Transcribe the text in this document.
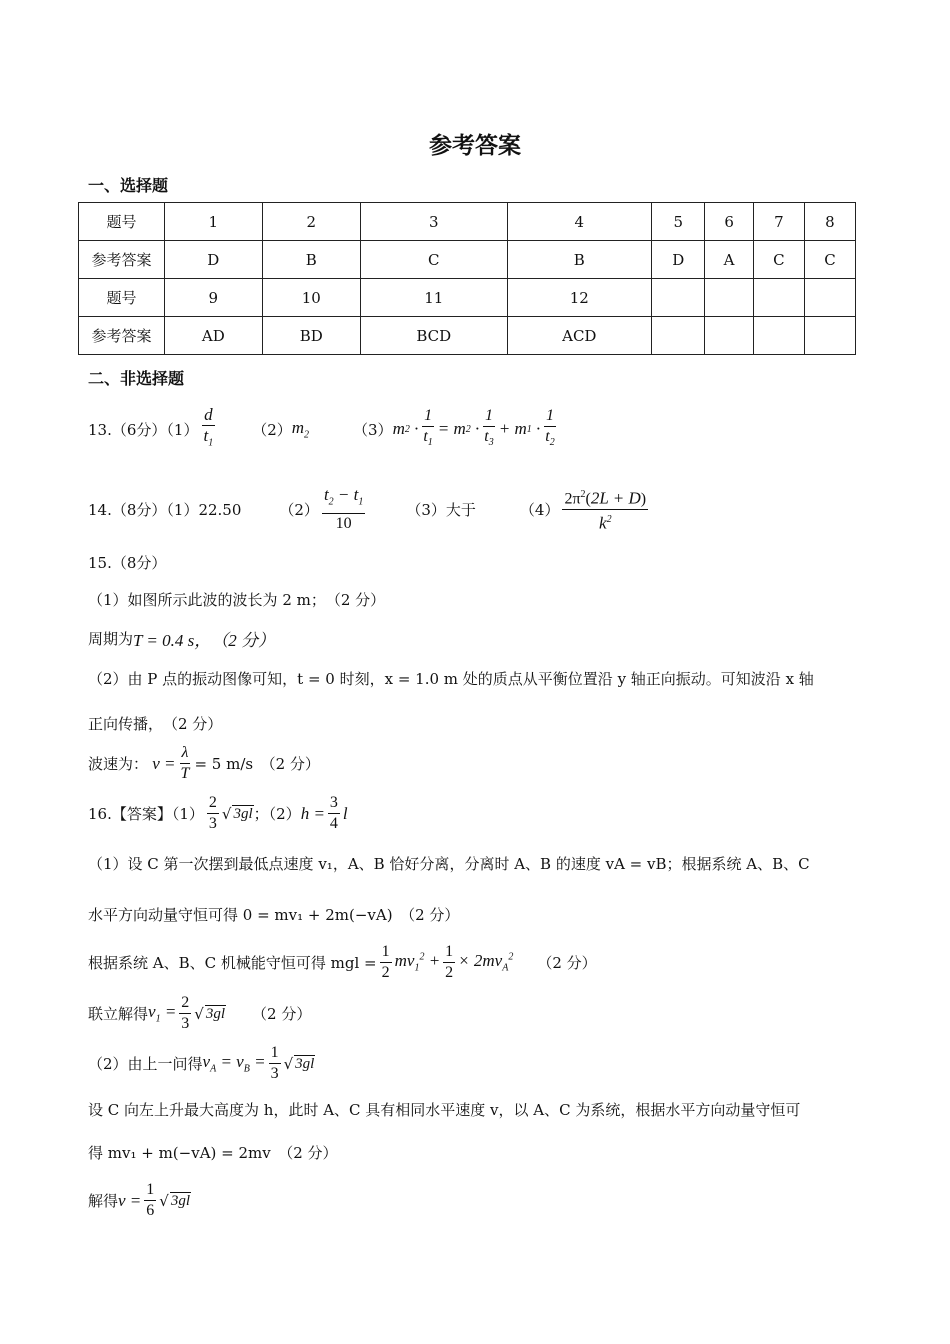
参考答案
一、选择题
题号	1	2	3	4	5	6	7	8
参考答案	D	B	C	B	D	A	C	C
题号	9	10	11	12				
参考答案	AD	BD	BCD	ACD				
二、非选择题
13.（6分）$(1) \frac{d}{t_1} (2)$ $m_2$	（3） m $2 \cdot \frac{1}{t_1} = m$ $2 \cdot \frac{1}{t_3} + m$ $1 \cdot \frac{1}{t_2}$
14.（8分）（1）22.50	$(2) \frac{t_2 - t_1}{10}$	（3）大于	$(4) \frac{2\pi^2(2L + D)}{k^2}$
15.（8分）
（1）如图所示此波的波长为 2 m；　（2 分）
周期为 T = 0.4 s，　（2 分）
（2）由 P 点的振动图像可知，t = 0 时刻，x = 1.0 m 处的质点从平衡位置沿 y 轴正向振动。可知波沿 x 轴
正向传播，　（2 分）
波速为： $v = \frac{\lambda}{T} = 5$ m/s　（2 分）
16.【答案】$(1) \frac{2}{3}$ √ 3gl ；（2） $h = \frac{3}{4}$ l
（1）设 C 第一次摆到最低点速度 v₁，A、B 恰好分离，分离时 A、B 的速度 vA = vB；根据系统 A、B、C
水平方向动量守恒可得 0 = mv₁ + 2m(−vA)　（2 分）
根据系统 A、B、C 机械能守恒可得 mgl = $\frac{1}{2} mv_1^2 + \frac{1}{2} \times 2mv_A^2$ （2 分）
联立解得 $v_1 = \frac{2}{3}$ √ 3gl （2 分）
（2）由上一问得 $v_A = v_B = \frac{1}{3}$ √ 3gl
设 C 向左上升最大高度为 h，此时 A、C 具有相同水平速度 v，以 A、C 为系统，根据水平方向动量守恒可
得 mv₁ + m(−vA) = 2mv　（2 分）
解得 $v = \frac{1}{6}$ √ 3gl
